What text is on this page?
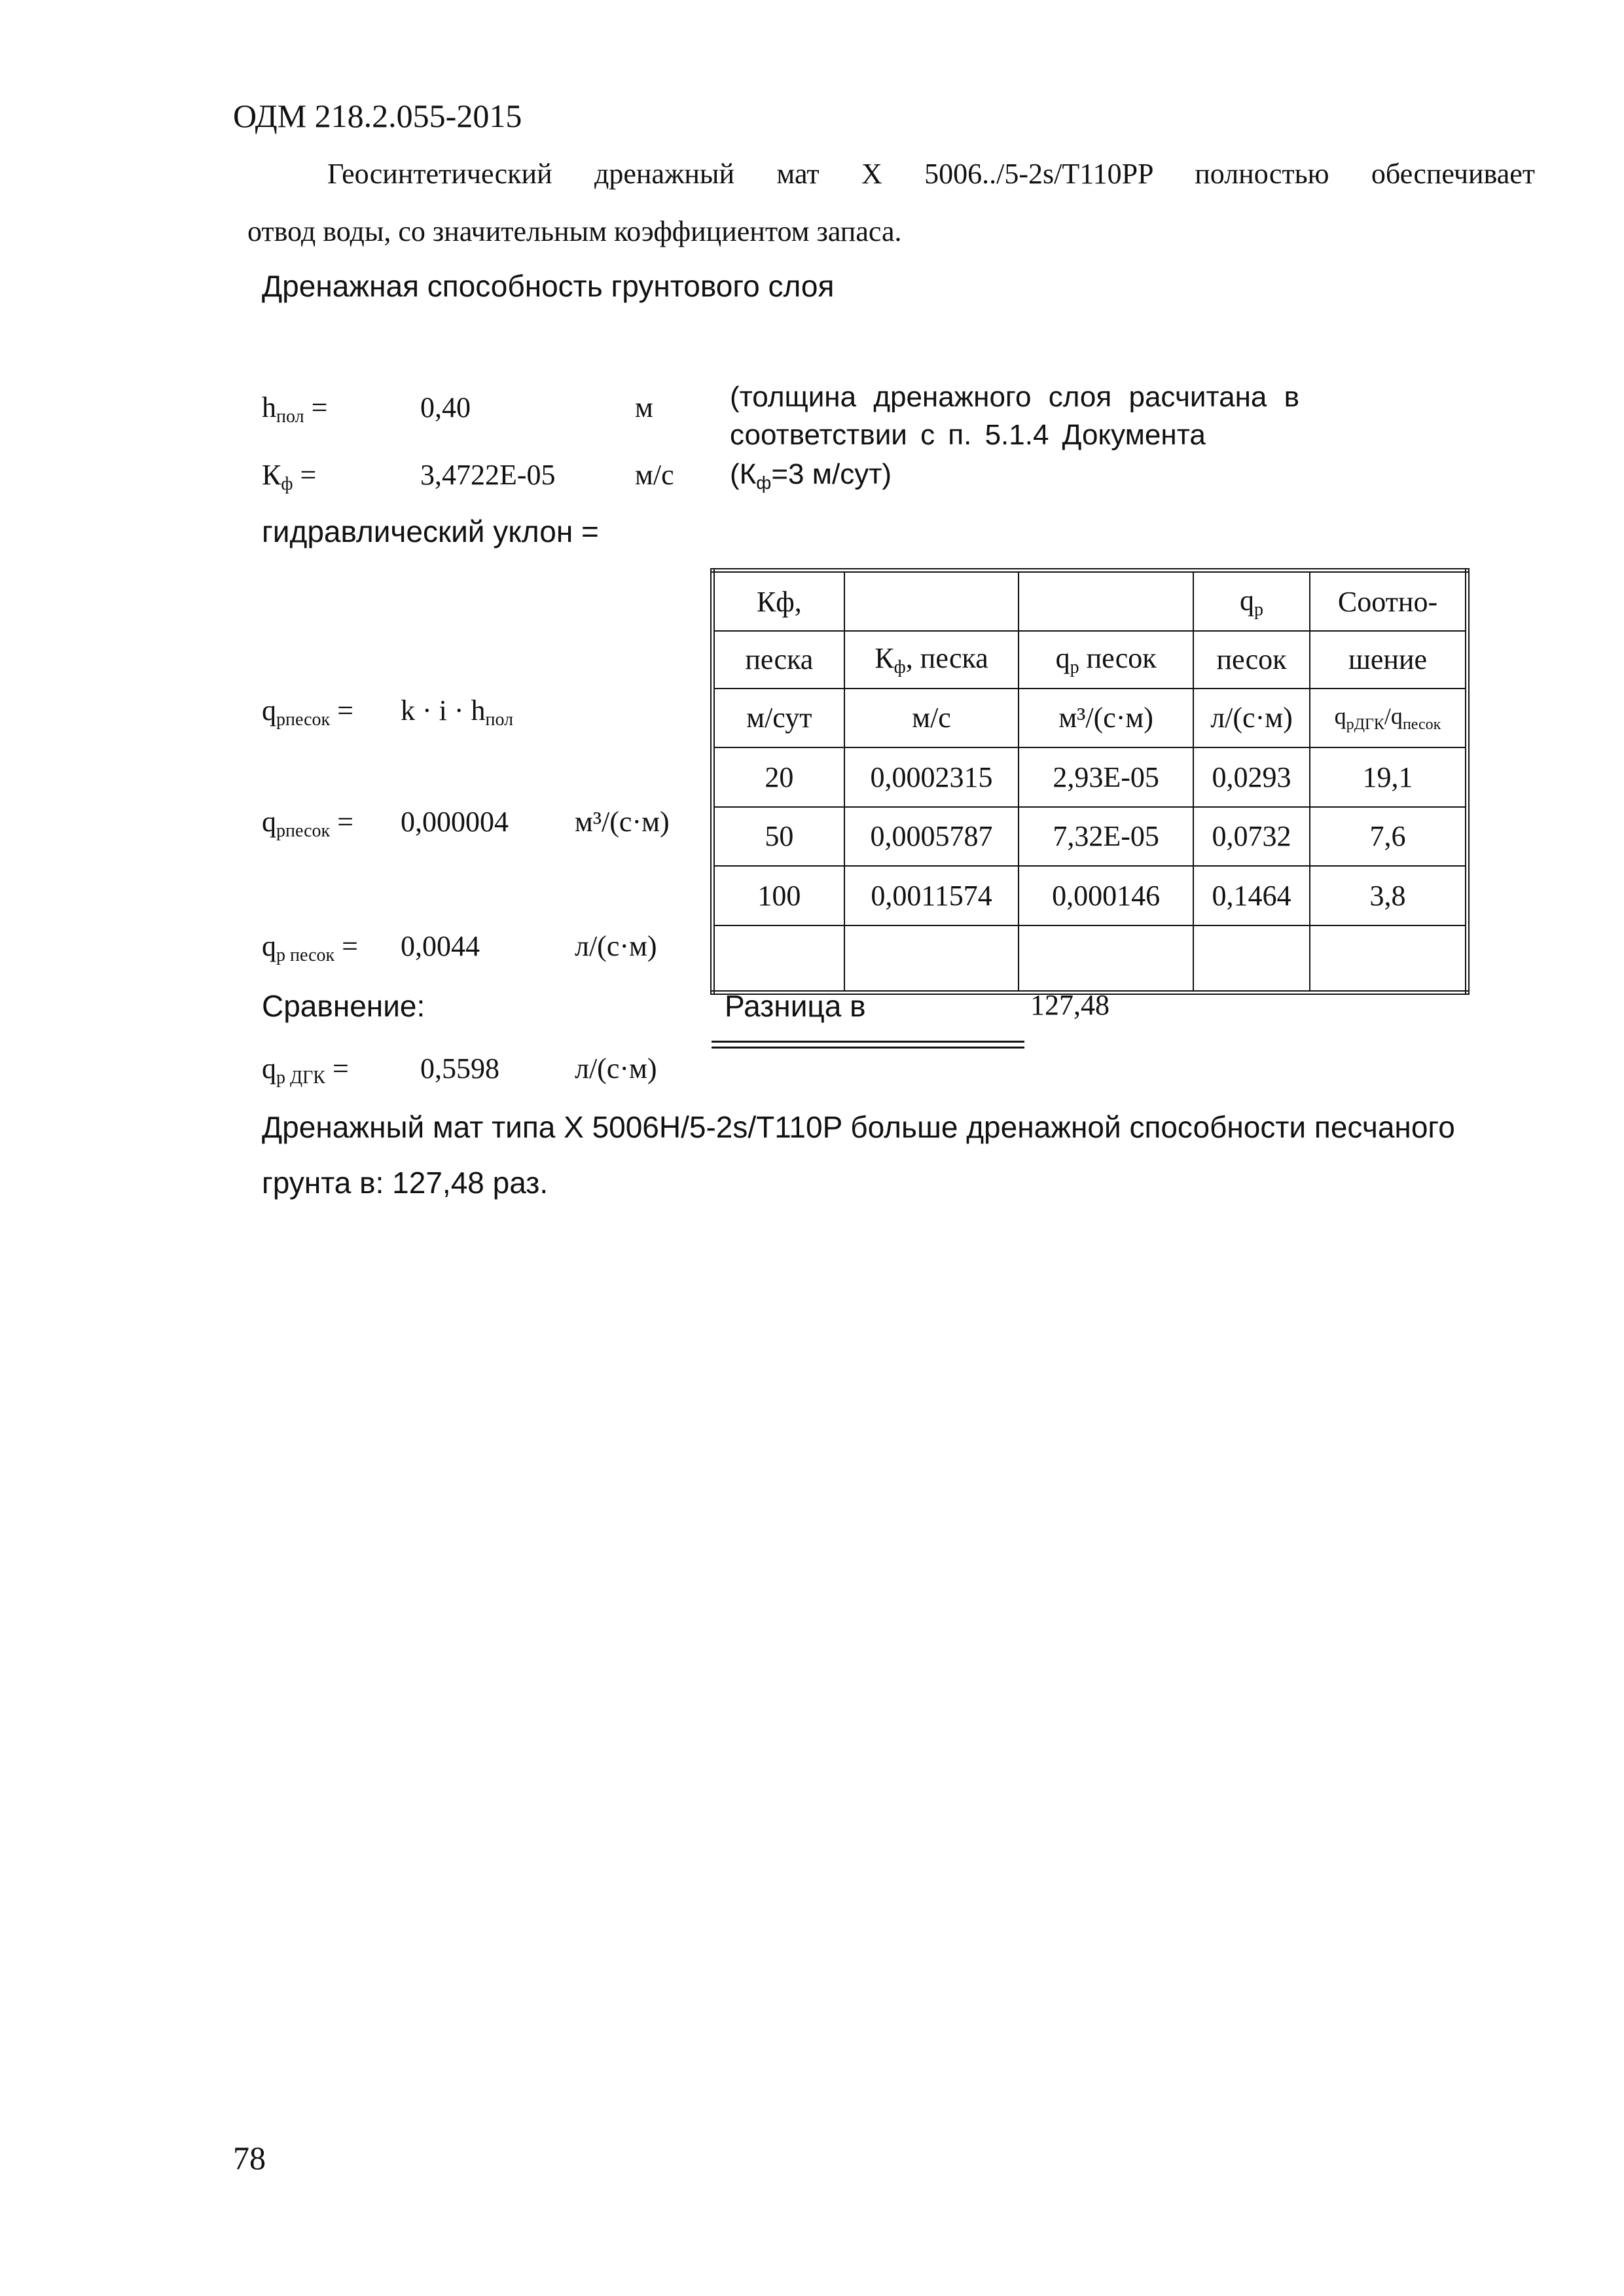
ОДМ 218.2.055-2015
Геосинтетический дренажный мат X 5006../5-2s/T110PP полностью обеспечивает
отвод воды, со значительным коэффициентом запаса.
Дренажная способность грунтового слоя
$h_{пол}$ =	0,40	м	(толщина дренажного слоя расчитана в
соответствии с п. 5.1.4 Документа
$К_ф$ =	3,4722E-05	м/с ($К_ф=3$ м/сут)
гидравлический уклон =
$q_{рпесок} = k \cdot i \cdot h_{пол}$
$q_{рпесок} = 0,000004$ м³/(с·м)
$q_{р песок} = 0,0044$	л/(с·м)
Сравнение:
$q_{р ДГК} = 0,5598$	л/(с·м)
Кф,			$q_р$	Соотно-
песка	$К_ф$, песка	$q_р$ песок	песок	шение
м/сут	м/с	м³/(с·м)	л/(с·м)	$q_{рДГК}/q_{песок}$
20	0,0002315	2,93E-05	0,0293	19,1
50	0,0005787	7,32E-05	0,0732	7,6
100	0,0011574	0,000146	0,1464	3,8

Разница в	127,48
Дренажный мат типа X 5006H/5-2s/T110P больше дренажной способности песчаного
грунта в: 127,48 раз.
78
